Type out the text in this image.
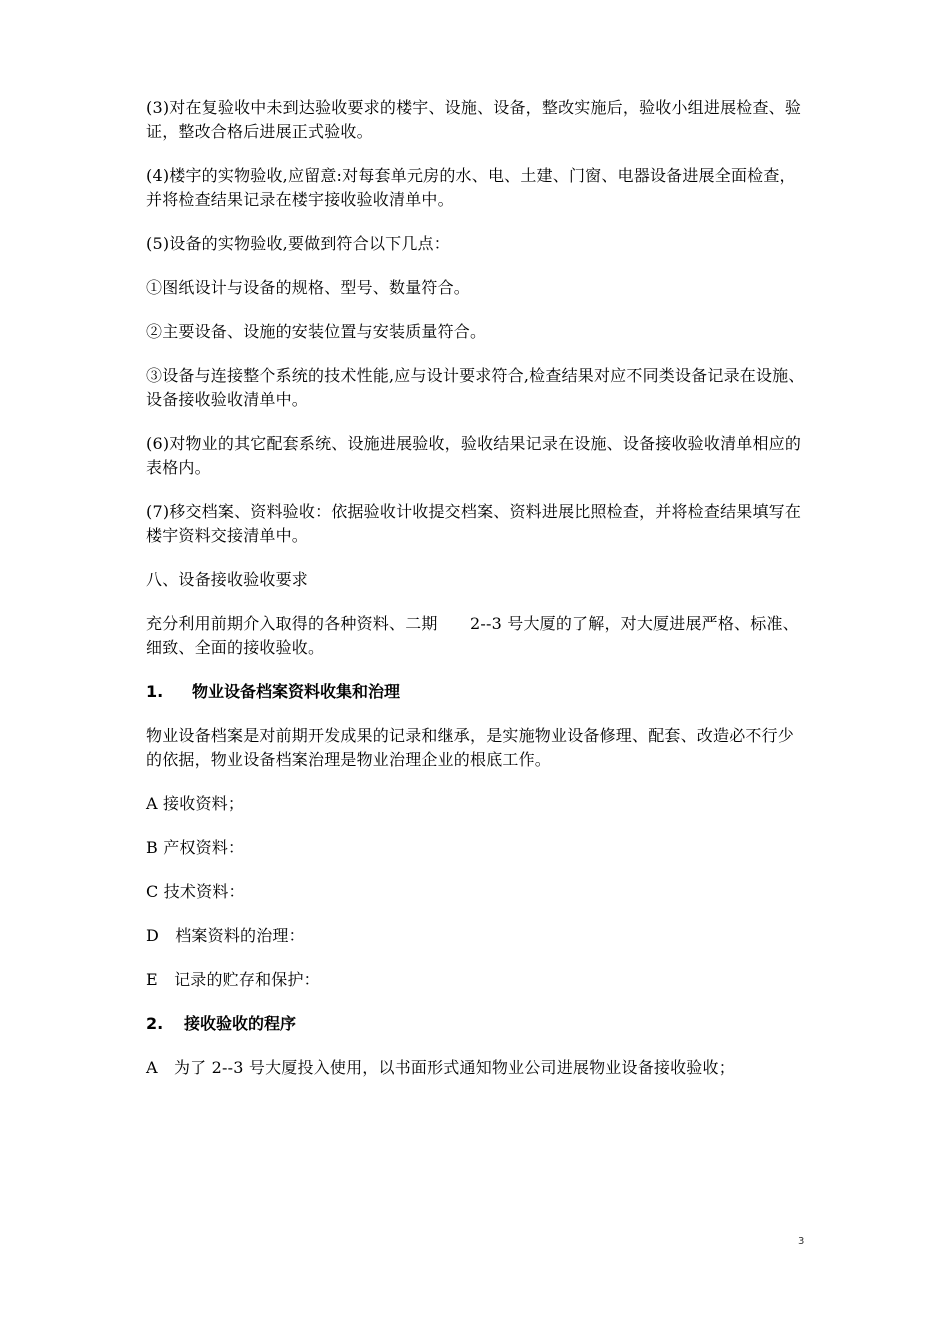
(3)对在复验收中未到达验收要求的楼宇、设施、设备，整改实施后，验收小组进展检查、验证，整改合格后进展正式验收。

(4)楼宇的实物验收,应留意:对每套单元房的水、电、土建、门窗、电器设备进展全面检查，并将检查结果记录在楼宇接收验收清单中。

(5)设备的实物验收,要做到符合以下几点：

①图纸设计与设备的规格、型号、数量符合。

②主要设备、设施的安装位置与安装质量符合。

③设备与连接整个系统的技术性能,应与设计要求符合,检查结果对应不同类设备记录在设施、设备接收验收清单中。

(6)对物业的其它配套系统、设施进展验收，验收结果记录在设施、设备接收验收清单相应的表格内。

(7)移交档案、资料验收：依据验收计收提交档案、资料进展比照检查，并将检查结果填写在楼宇资料交接清单中。

八、设备接收验收要求

充分利用前期介入取得的各种资料、二期　　2--3 号大厦的了解，对大厦进展严格、标准、细致、全面的接收验收。

1. 物业设备档案资料收集和治理

物业设备档案是对前期开发成果的记录和继承，是实施物业设备修理、配套、改造必不行少的依据，物业设备档案治理是物业治理企业的根底工作。

A 接收资料；

B 产权资料：

C 技术资料：

D　档案资料的治理：

E　记录的贮存和保护：

2. 接收验收的程序

A　为了 2--3 号大厦投入使用，以书面形式通知物业公司进展物业设备接收验收；

3
